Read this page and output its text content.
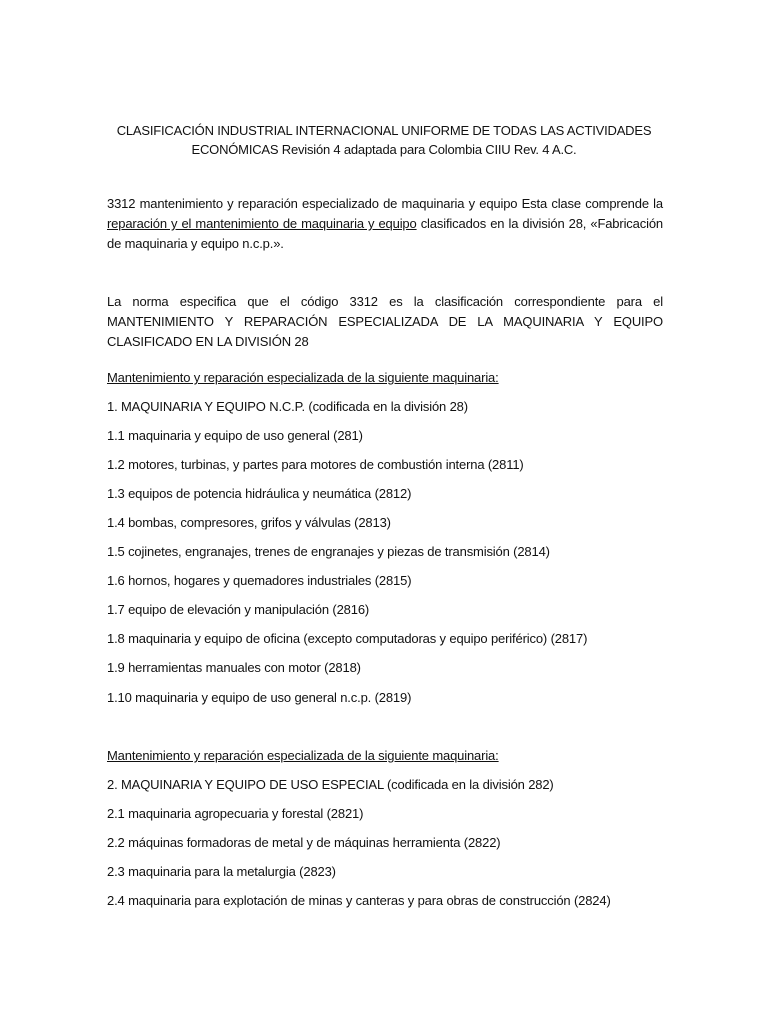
CLASIFICACIÓN INDUSTRIAL INTERNACIONAL UNIFORME DE TODAS LAS ACTIVIDADES
ECONÓMICAS Revisión 4 adaptada para Colombia CIIU Rev. 4 A.C.
3312 mantenimiento y reparación especializado de maquinaria y equipo Esta clase comprende la reparación y el mantenimiento de maquinaria y equipo clasificados en la división 28, «Fabricación de maquinaria y equipo n.c.p.».
La norma especifica que el código 3312 es la clasificación correspondiente para el MANTENIMIENTO Y REPARACIÓN ESPECIALIZADA DE LA MAQUINARIA Y EQUIPO CLASIFICADO EN LA DIVISIÓN 28
Mantenimiento y reparación especializada de la siguiente maquinaria:
1. MAQUINARIA Y EQUIPO N.C.P. (codificada en la división 28)
1.1 maquinaria y equipo de uso general (281)
1.2 motores, turbinas, y partes para motores de combustión interna (2811)
1.3 equipos de potencia hidráulica y neumática (2812)
1.4 bombas, compresores, grifos y válvulas (2813)
1.5 cojinetes, engranajes, trenes de engranajes y piezas de transmisión (2814)
1.6 hornos, hogares y quemadores industriales (2815)
1.7 equipo de elevación y manipulación (2816)
1.8 maquinaria y equipo de oficina (excepto computadoras y equipo periférico) (2817)
1.9 herramientas manuales con motor (2818)
1.10 maquinaria y equipo de uso general n.c.p. (2819)
Mantenimiento y reparación especializada de la siguiente maquinaria:
2. MAQUINARIA Y EQUIPO DE USO ESPECIAL (codificada en la división 282)
2.1 maquinaria agropecuaria y forestal (2821)
2.2 máquinas formadoras de metal y de máquinas herramienta (2822)
2.3 maquinaria para la metalurgia (2823)
2.4 maquinaria para explotación de minas y canteras y para obras de construcción (2824)
